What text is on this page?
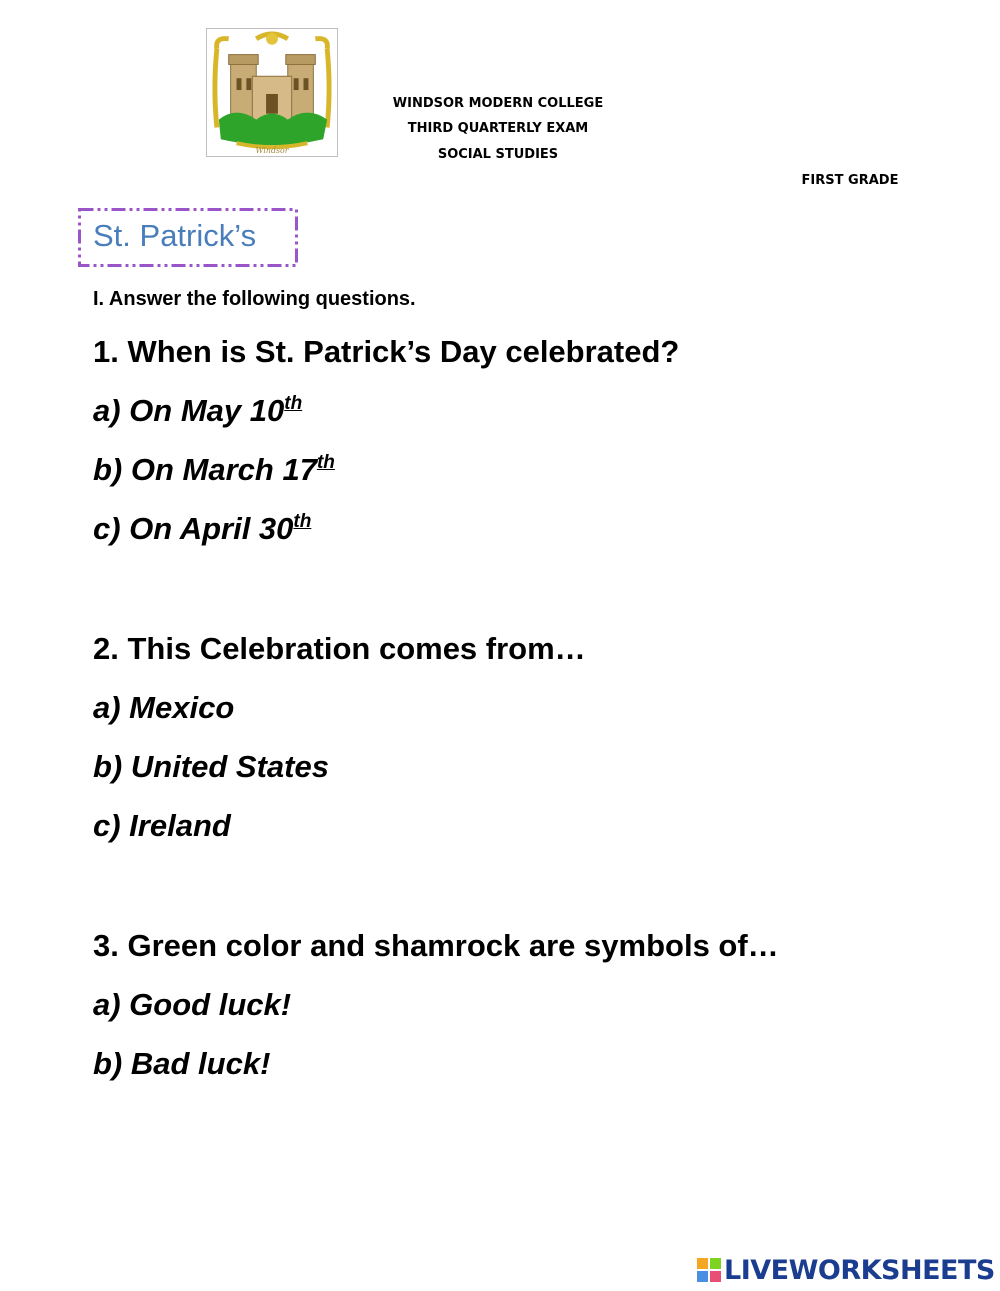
Windsor
WINDSOR MODERN COLLEGE
THIRD QUARTERLY EXAM
SOCIAL STUDIES
FIRST GRADE
St. Patrick’s
I. Answer the following questions.
1. When is St. Patrick’s Day celebrated?
a) On May 10th
b) On March 17th
c) On April 30th
2. This Celebration comes from…
a) Mexico
b) United States
c) Ireland
3. Green color and shamrock are symbols of…
a) Good luck!
b) Bad luck!
LIVEWORKSHEETS
